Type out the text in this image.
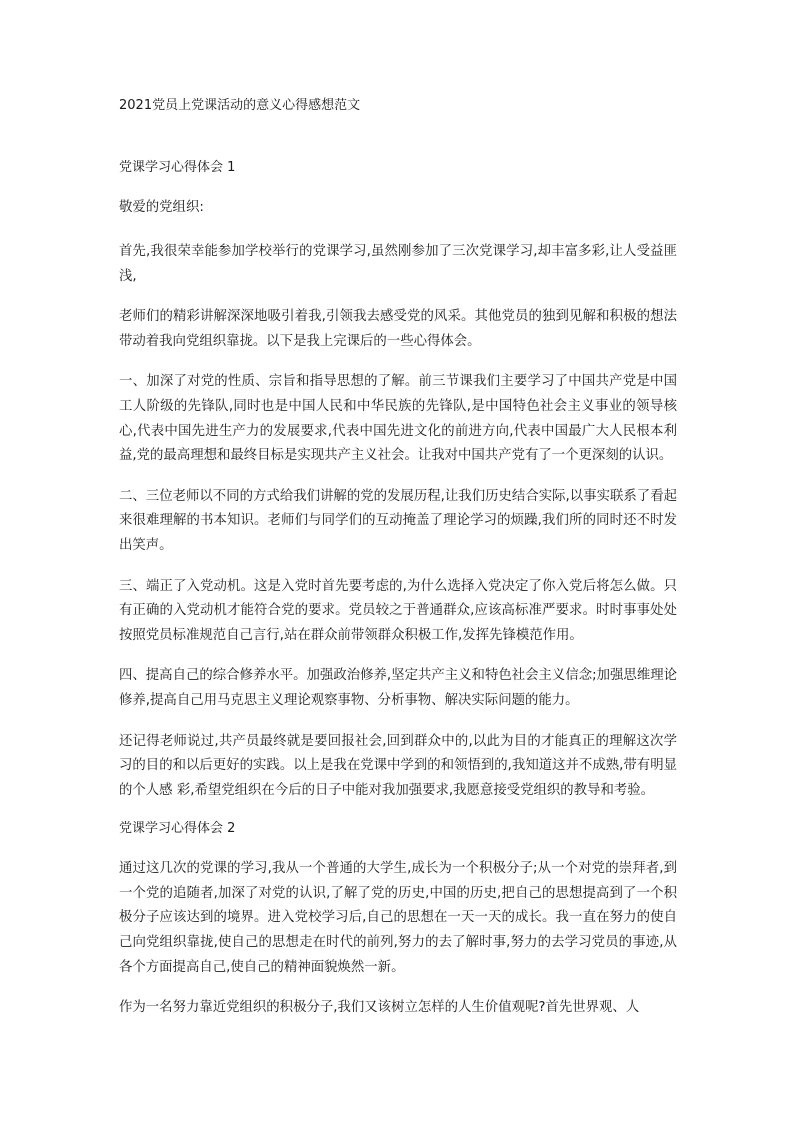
2021党员上党课活动的意义心得感想范文
党课学习心得体会 1
敬爱的党组织:

首先,我很荣幸能参加学校举行的党课学习,虽然刚参加了三次党课学习,却丰富多彩,让人受益匪浅,

老师们的精彩讲解深深地吸引着我,引领我去感受党的风采。其他党员的独到见解和积极的想法带动着我向党组织靠拢。以下是我上完课后的一些心得体会。

一、加深了对党的性质、宗旨和指导思想的了解。前三节课我们主要学习了中国共产党是中国工人阶级的先锋队,同时也是中国人民和中华民族的先锋队,是中国特色社会主义事业的领导核心,代表中国先进生产力的发展要求,代表中国先进文化的前进方向,代表中国最广大人民根本利益,党的最高理想和最终目标是实现共产主义社会。让我对中国共产党有了一个更深刻的认识。

二、三位老师以不同的方式给我们讲解的党的发展历程,让我们历史结合实际,以事实联系了看起来很难理解的书本知识。老师们与同学们的互动掩盖了理论学习的烦躁,我们所的同时还不时发出笑声。

三、端正了入党动机。这是入党时首先要考虑的,为什么选择入党决定了你入党后将怎么做。只有正确的入党动机才能符合党的要求。党员较之于普通群众,应该高标准严要求。时时事事处处按照党员标准规范自己言行,站在群众前带领群众积极工作,发挥先锋模范作用。

四、提高自己的综合修养水平。加强政治修养,坚定共产主义和特色社会主义信念;加强思维理论修养,提高自己用马克思主义理论观察事物、分析事物、解决实际问题的能力。

还记得老师说过,共产员最终就是要回报社会,回到群众中的,以此为目的才能真正的理解这次学习的目的和以后更好的实践。以上是我在党课中学到的和领悟到的,我知道这并不成熟,带有明显的个人感 彩,希望党组织在今后的日子中能对我加强要求,我愿意接受党组织的教导和考验。

党课学习心得体会 2

通过这几次的党课的学习,我从一个普通的大学生,成长为一个积极分子;从一个对党的崇拜者,到一个党的追随者,加深了对党的认识,了解了党的历史,中国的历史,把自己的思想提高到了一个积极分子应该达到的境界。进入党校学习后,自己的思想在一天一天的成长。我一直在努力的使自己向党组织靠拢,使自己的思想走在时代的前列,努力的去了解时事,努力的去学习党员的事迹,从各个方面提高自己,使自己的精神面貌焕然一新。

作为一名努力靠近党组织的积极分子,我们又该树立怎样的人生价值观呢?首先世界观、人
